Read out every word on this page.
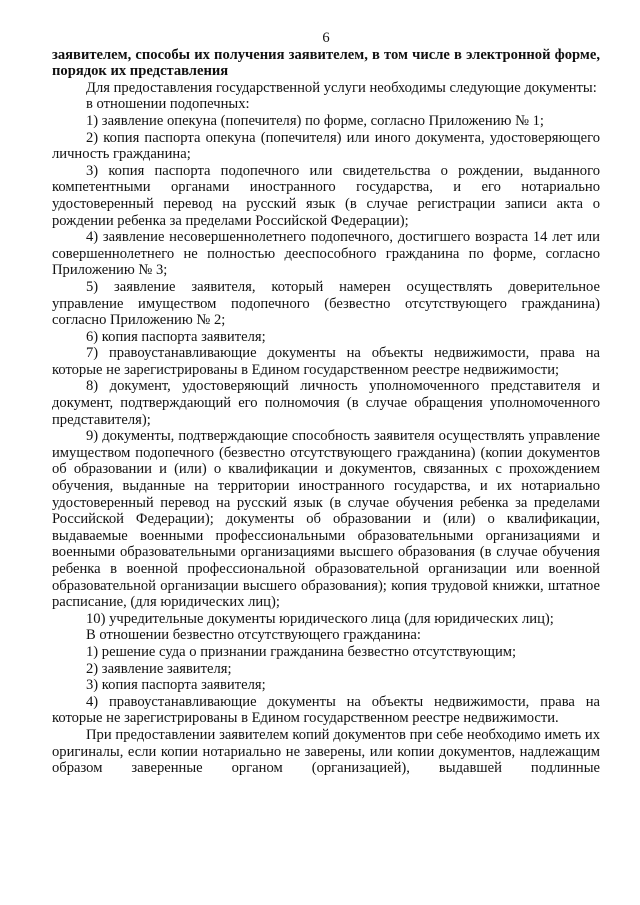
6

заявителем, способы их получения заявителем, в том числе в электронной форме, порядок их представления

Для предоставления государственной услуги необходимы следующие документы:

в отношении подопечных:

1) заявление опекуна (попечителя) по форме, согласно Приложению № 1;

2) копия паспорта опекуна (попечителя) или иного документа, удостоверяющего личность гражданина;

3) копия паспорта подопечного или свидетельства о рождении, выданного компетентными органами иностранного государства, и его нотариально удостоверенный перевод на русский язык (в случае регистрации записи акта о рождении ребенка за пределами Российской Федерации);

4) заявление несовершеннолетнего подопечного, достигшего возраста 14 лет или совершеннолетнего не полностью дееспособного гражданина по форме, согласно Приложению № 3;

5) заявление заявителя, который намерен осуществлять доверительное управление имуществом подопечного (безвестно отсутствующего гражданина) согласно Приложению № 2;

6) копия паспорта заявителя;

7) правоустанавливающие документы на объекты недвижимости, права на которые не зарегистрированы в Едином государственном реестре недвижимости;

8) документ, удостоверяющий личность уполномоченного представителя и документ, подтверждающий его полномочия (в случае обращения уполномоченного представителя);

9) документы, подтверждающие способность заявителя осуществлять управление имуществом подопечного (безвестно отсутствующего гражданина) (копии документов об образовании и (или) о квалификации и документов, связанных с прохождением обучения, выданные на территории иностранного государства, и их нотариально удостоверенный перевод на русский язык (в случае обучения ребенка за пределами Российской Федерации); документы об образовании и (или) о квалификации, выдаваемые военными профессиональными образовательными организациями и военными образовательными организациями высшего образования (в случае обучения ребенка в военной профессиональной образовательной организации или военной образовательной организации высшего образования); копия трудовой книжки, штатное расписание, (для юридических лиц);

10) учредительные документы юридического лица (для юридических лиц);

В отношении безвестно отсутствующего гражданина:

1) решение суда о признании гражданина безвестно отсутствующим;

2) заявление заявителя;

3) копия паспорта заявителя;

4) правоустанавливающие документы на объекты недвижимости, права на которые не зарегистрированы в Едином государственном реестре недвижимости.

При предоставлении заявителем копий документов при себе необходимо иметь их оригиналы, если копии нотариально не заверены, или копии документов, надлежащим образом заверенные органом (организацией), выдавшей подлинные
